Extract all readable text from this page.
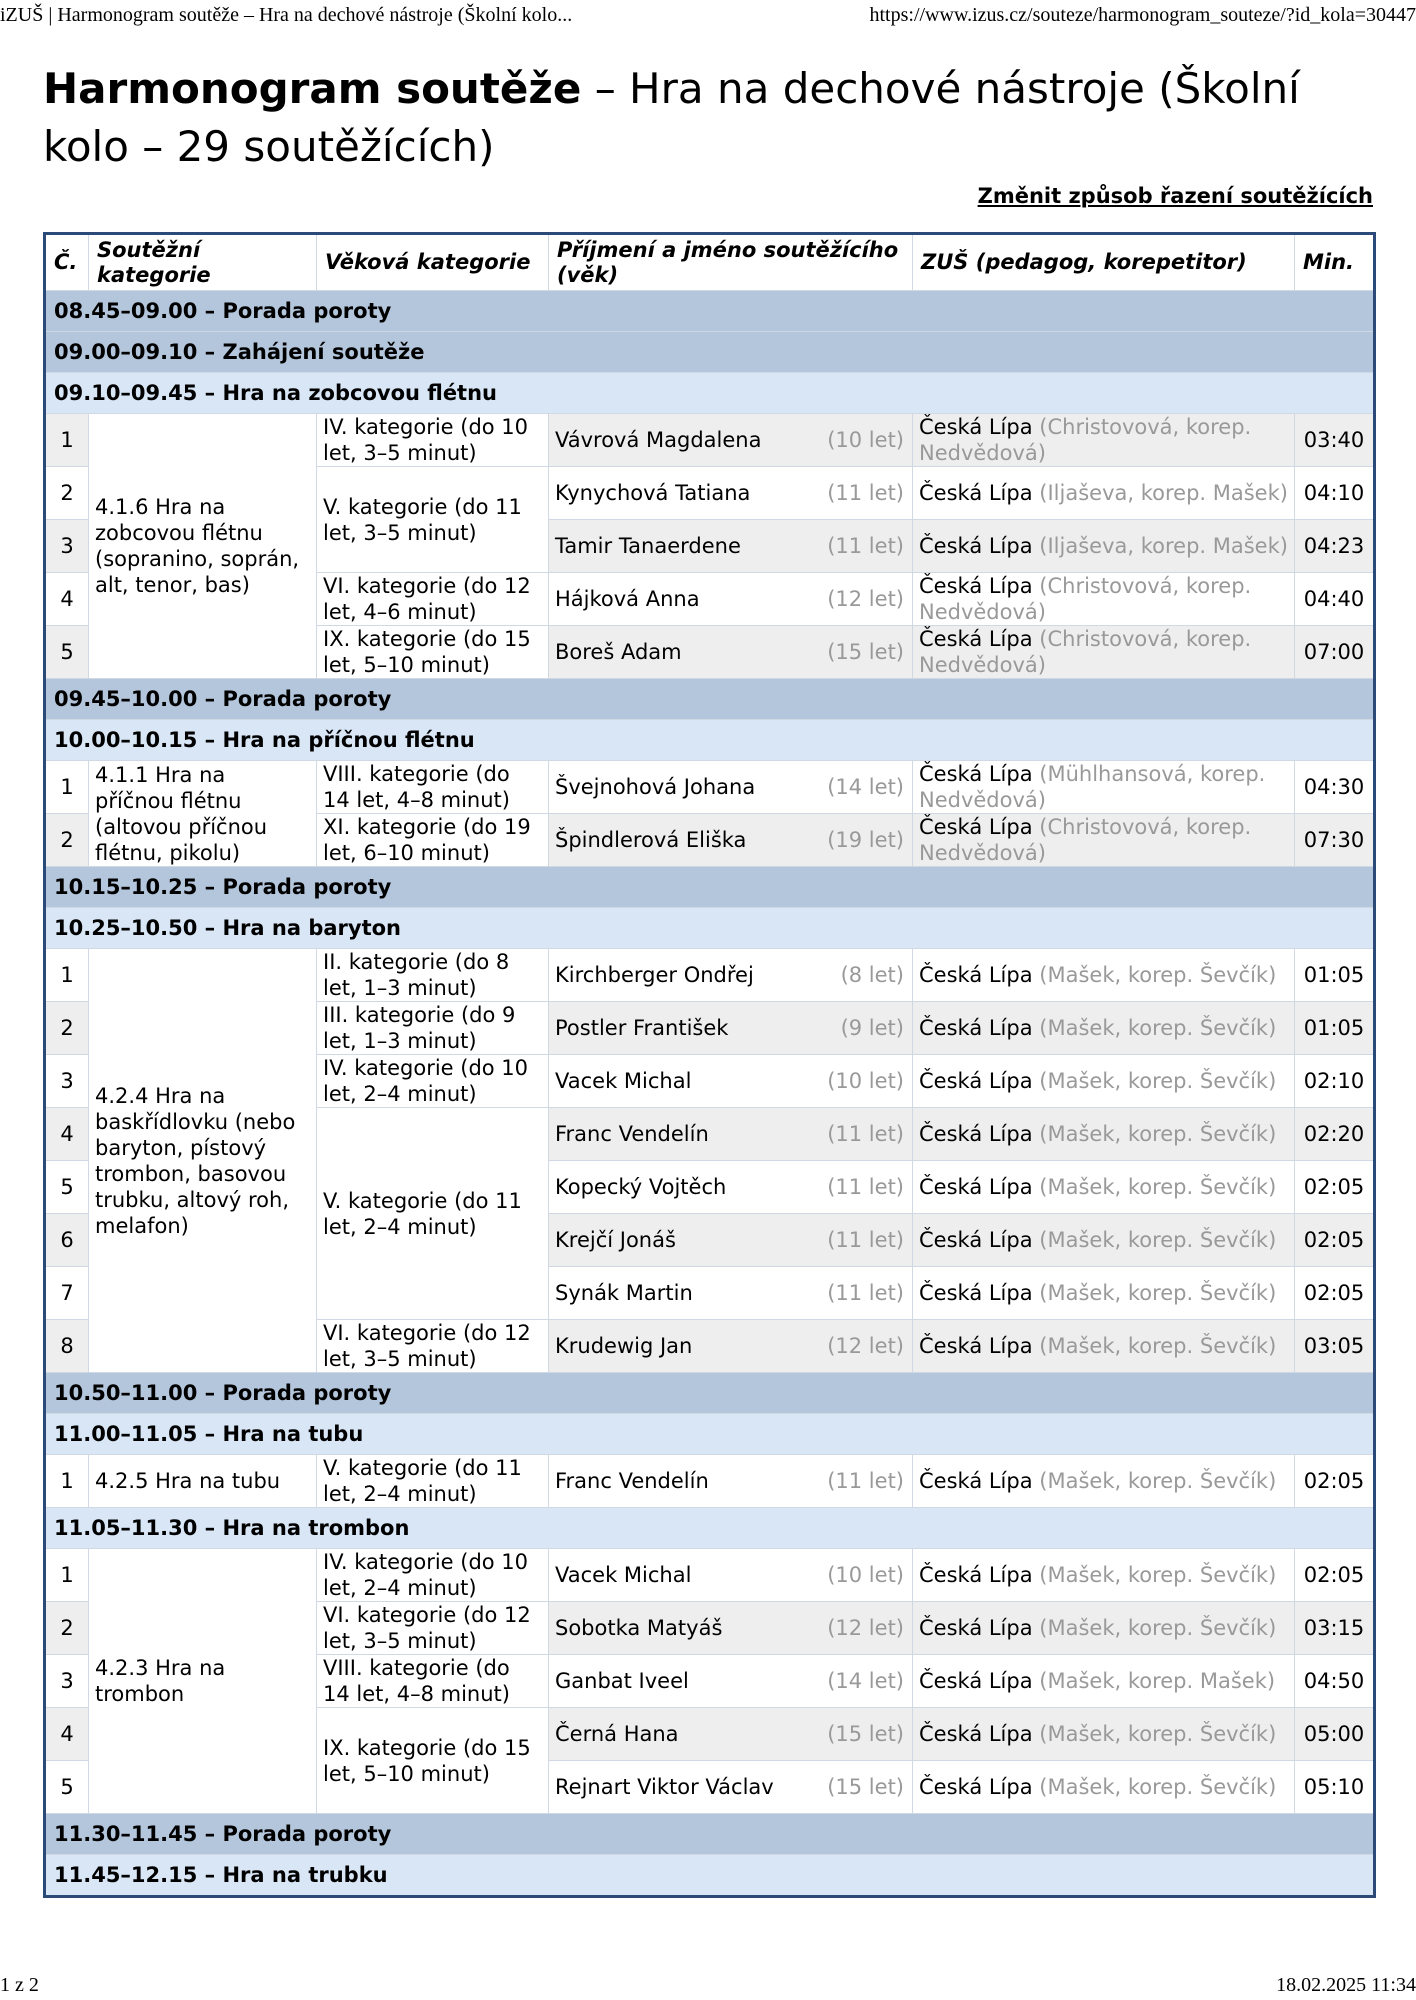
iZUŠ | Harmonogram soutěže – Hra na dechové nástroje (Školní kolo...	https://www.izus.cz/souteze/harmonogram_souteze/?id_kola=30447
Harmonogram soutěže – Hra na dechové nástroje (Školní kolo – 29 soutěžících)
Změnit způsob řazení soutěžících
Č.	Soutěžní kategorie	Věková kategorie	Příjmení a jméno soutěžícího (věk)	ZUŠ (pedagog, korepetitor)	Min.
08.45–09.00 – Porada poroty					
09.00–09.10 – Zahájení soutěže					
09.10–09.45 – Hra na zobcovou flétnu					
1	4.1.6 Hra na zobcovou flétnu (sopranino, soprán, alt, tenor, bas)	IV. kategorie (do 10 let, 3–5 minut)	Vávrová Magdalena (10 let)	Česká Lípa (Christovová, korep. Nedvědová)	03:40
2		V. kategorie (do 11 let, 3–5 minut)	Kynychová Tatiana (11 let)	Česká Lípa (Iljaševa, korep. Mašek)	04:10
3			Tamir Tanaerdene (11 let)	Česká Lípa (Iljaševa, korep. Mašek)	04:23
4		VI. kategorie (do 12 let, 4–6 minut)	Hájková Anna (12 let)	Česká Lípa (Christovová, korep. Nedvědová)	04:40
5		IX. kategorie (do 15 let, 5–10 minut)	Boreš Adam (15 let)	Česká Lípa (Christovová, korep. Nedvědová)	07:00
09.45–10.00 – Porada poroty					
10.00–10.15 – Hra na příčnou flétnu					
1	4.1.1 Hra na příčnou flétnu (altovou příčnou flétnu, pikolu)	VIII. kategorie (do 14 let, 4–8 minut)	Švejnohová Johana (14 let)	Česká Lípa (Mühlhansová, korep. Nedvědová)	04:30
2		XI. kategorie (do 19 let, 6–10 minut)	Špindlerová Eliška (19 let)	Česká Lípa (Christovová, korep. Nedvědová)	07:30
10.15–10.25 – Porada poroty					
10.25–10.50 – Hra na baryton					
1	4.2.4 Hra na baskřídlovku (nebo baryton, pístový trombon, basovou trubku, altový roh, melafon)	II. kategorie (do 8 let, 1–3 minut)	Kirchberger Ondřej (8 let)	Česká Lípa (Mašek, korep. Ševčík)	01:05
2		III. kategorie (do 9 let, 1–3 minut)	Postler František (9 let)	Česká Lípa (Mašek, korep. Ševčík)	01:05
3		IV. kategorie (do 10 let, 2–4 minut)	Vacek Michal (10 let)	Česká Lípa (Mašek, korep. Ševčík)	02:10
4		V. kategorie (do 11 let, 2–4 minut)	Franc Vendelín (11 let)	Česká Lípa (Mašek, korep. Ševčík)	02:20
5			Kopecký Vojtěch (11 let)	Česká Lípa (Mašek, korep. Ševčík)	02:05
6			Krejčí Jonáš (11 let)	Česká Lípa (Mašek, korep. Ševčík)	02:05
7			Synák Martin (11 let)	Česká Lípa (Mašek, korep. Ševčík)	02:05
8		VI. kategorie (do 12 let, 3–5 minut)	Krudewig Jan (12 let)	Česká Lípa (Mašek, korep. Ševčík)	03:05
10.50–11.00 – Porada poroty					
11.00–11.05 – Hra na tubu					
1	4.2.5 Hra na tubu	V. kategorie (do 11 let, 2–4 minut)	Franc Vendelín (11 let)	Česká Lípa (Mašek, korep. Ševčík)	02:05
11.05–11.30 – Hra na trombon					
1	4.2.3 Hra na trombon	IV. kategorie (do 10 let, 2–4 minut)	Vacek Michal (10 let)	Česká Lípa (Mašek, korep. Ševčík)	02:05
2		VI. kategorie (do 12 let, 3–5 minut)	Sobotka Matyáš (12 let)	Česká Lípa (Mašek, korep. Ševčík)	03:15
3		VIII. kategorie (do 14 let, 4–8 minut)	Ganbat Iveel (14 let)	Česká Lípa (Mašek, korep. Mašek)	04:50
4		IX. kategorie (do 15 let, 5–10 minut)	Černá Hana (15 let)	Česká Lípa (Mašek, korep. Ševčík)	05:00
5			Rejnart Viktor Václav (15 let)	Česká Lípa (Mašek, korep. Ševčík)	05:10
11.30–11.45 – Porada poroty					
11.45–12.15 – Hra na trubku					
1 z 2	18.02.2025 11:34
